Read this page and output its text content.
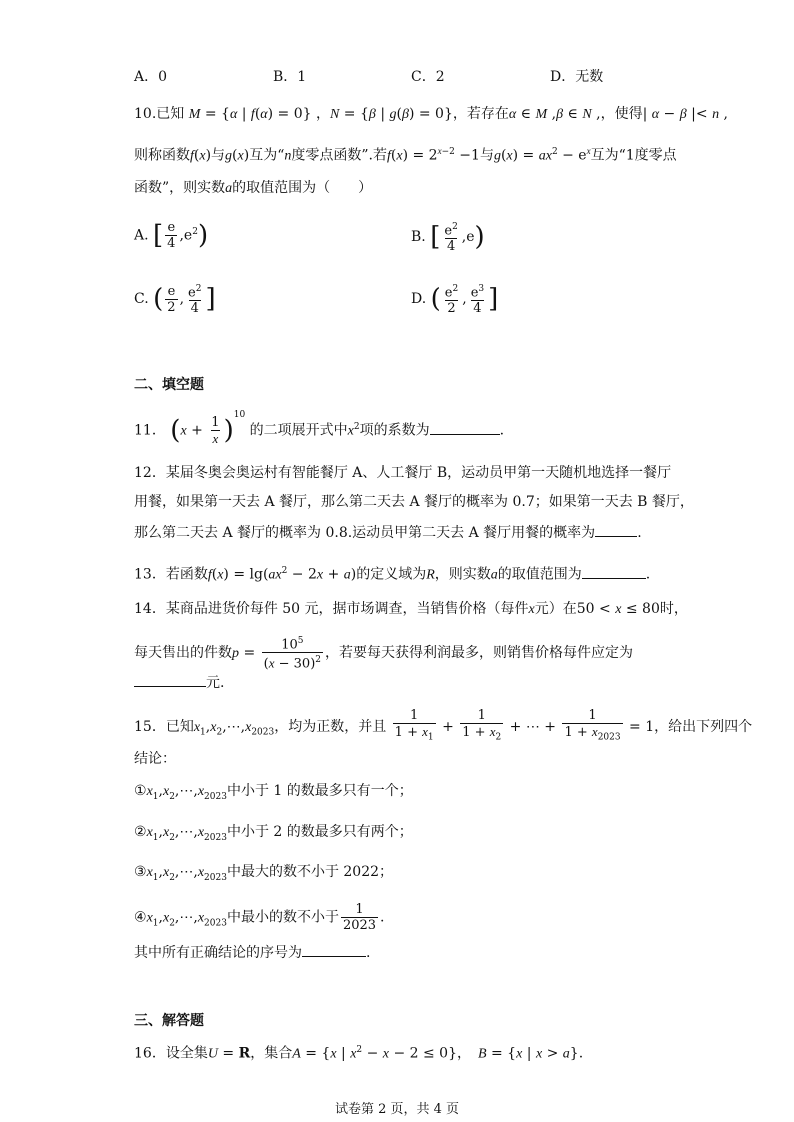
A．0	B．1	C．2	D．无数
10.已知 M = {α | f(α) = 0} ，N = {β | g(β) = 0}，若存在α ∈ M ,β ∈ N ,，使得| α − β |< n ,
则称函数f(x)与g(x)互为“n度零点函数”.若$f(x) = 2^{x-2} -1$与$g(x) = ax^2 - e^x$互为“1度零点
函数”，则实数a的取值范围为（　　）
A. [ $\frac{e}{4} ,e^2$)	B. [ $\frac{e^2}{4} ,e$)
C. ( $\frac{e}{2}$ , $\frac{e^2}{4}$ ]	D. ( $\frac{e^2}{2}$ , $\frac{e^3}{4}$ ]
二、填空题
11． $(x + \frac{1}{x} )^{10}$ 的二项展开式中$x^2$项的系数为	.
12．某届冬奥会奥运村有智能餐厅 A、人工餐厅 B，运动员甲第一天随机地选择一餐厅
用餐，如果第一天去 A 餐厅，那么第二天去 A 餐厅的概率为 0.7；如果第一天去 B 餐厅，
那么第二天去 A 餐厅的概率为 0.8.运动员甲第二天去 A 餐厅用餐的概率为	.
13．若函数$f(x) = \lg(ax^2 - 2x + a)$的定义域为R，则实数a的取值范围为	.
14．某商品进货价每件 50 元，据市场调查，当销售价格（每件x元）在50 < x ≤ 80时，
每天售出的件数$p = \frac{10^5}{(x - 30)^2}$ ，若要每天获得利润最多，则销售价格每件应定为
元.
15．已知$x_1,x_2,\cdots,x_{2023}$，均为正数，并且 $\frac{1}{1 + x_1} + \frac{1}{1 + x_2}$ + ⋯ + $\frac{1}{1 + x_{2023}} = 1$，给出下列四个
结论：
$①x_1,x_2,\cdots,x_{2023}$中小于 1 的数最多只有一个；
$②x_1,x_2,\cdots,x_{2023}$中小于 2 的数最多只有两个；
$③x_1,x_2,\cdots,x_{2023}$中最大的数不小于 2022；
$④x_1,x_2,\cdots,x_{2023}$中最小的数不小于 $\frac{1}{2023}$ .
其中所有正确结论的序号为	.
三、解答题
16．设全集U = R，集合A = {x | $x^2 - x - 2 \le 0$}，　 B = {x | x > a}.
试卷第 2 页，共 4 页
